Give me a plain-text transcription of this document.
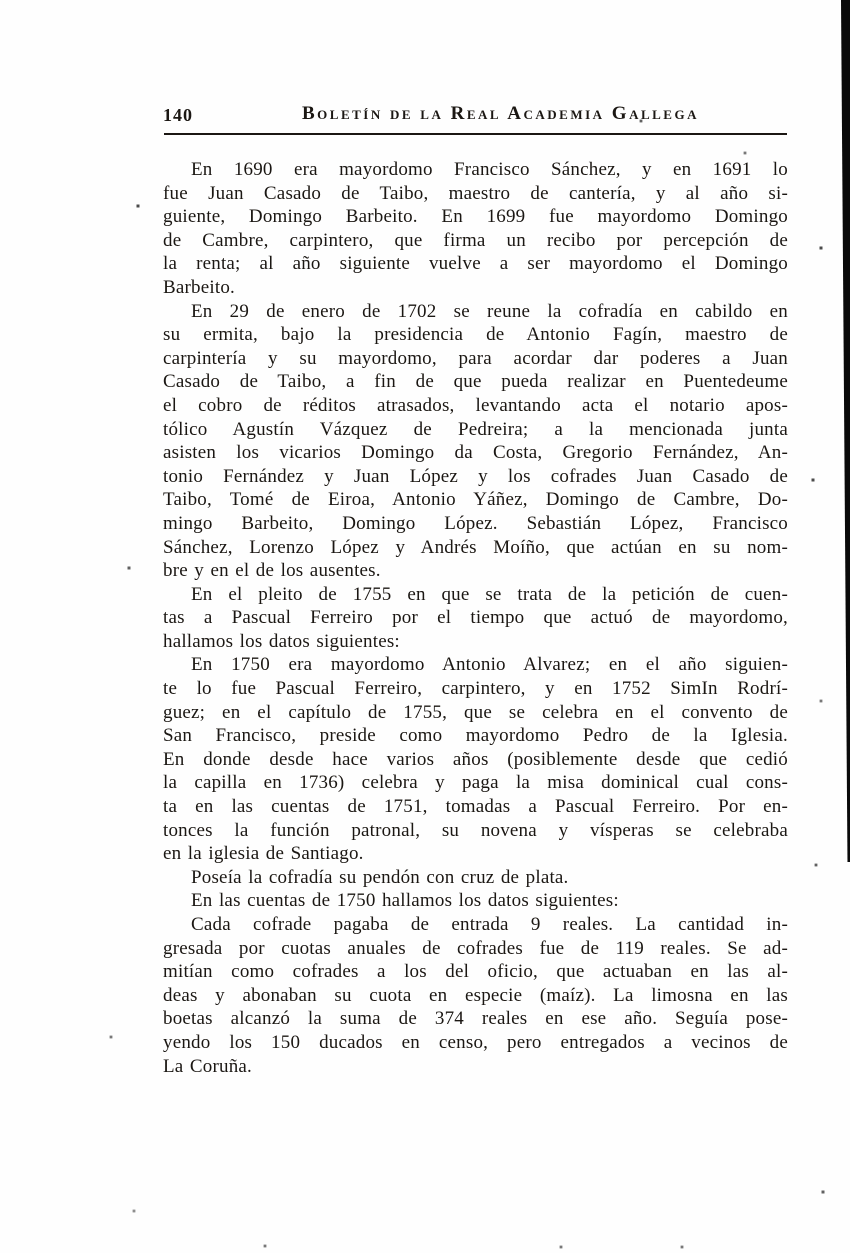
140	Boletín de la Real Academia Gallega
En 1690 era mayordomo Francisco Sánchez, y en 1691 lo
fue Juan Casado de Taibo, maestro de cantería, y al año si-
guiente, Domingo Barbeito. En 1699 fue mayordomo Domingo
de Cambre, carpintero, que firma un recibo por percepción de
la renta; al año siguiente vuelve a ser mayordomo el Domingo
Barbeito.
En 29 de enero de 1702 se reune la cofradía en cabildo en
su ermita, bajo la presidencia de Antonio Fagín, maestro de
carpintería y su mayordomo, para acordar dar poderes a Juan
Casado de Taibo, a fin de que pueda realizar en Puentedeume
el cobro de réditos atrasados, levantando acta el notario apos-
tólico Agustín Vázquez de Pedreira; a la mencionada junta
asisten los vicarios Domingo da Costa, Gregorio Fernández, An-
tonio Fernández y Juan López y los cofrades Juan Casado de
Taibo, Tomé de Eiroa, Antonio Yáñez, Domingo de Cambre, Do-
mingo Barbeito, Domingo López. Sebastián López, Francisco
Sánchez, Lorenzo López y Andrés Moíño, que actúan en su nom-
bre y en el de los ausentes.
En el pleito de 1755 en que se trata de la petición de cuen-
tas a Pascual Ferreiro por el tiempo que actuó de mayordomo,
hallamos los datos siguientes:
En 1750 era mayordomo Antonio Alvarez; en el año siguien-
te lo fue Pascual Ferreiro, carpintero, y en 1752 SimIn Rodrí-
guez; en el capítulo de 1755, que se celebra en el convento de
San Francisco, preside como mayordomo Pedro de la Iglesia.
En donde desde hace varios años (posiblemente desde que cedió
la capilla en 1736) celebra y paga la misa dominical cual cons-
ta en las cuentas de 1751, tomadas a Pascual Ferreiro. Por en-
tonces la función patronal, su novena y vísperas se celebraba
en la iglesia de Santiago.
Poseía la cofradía su pendón con cruz de plata.
En las cuentas de 1750 hallamos los datos siguientes:
Cada cofrade pagaba de entrada 9 reales. La cantidad in-
gresada por cuotas anuales de cofrades fue de 119 reales. Se ad-
mitían como cofrades a los del oficio, que actuaban en las al-
deas y abonaban su cuota en especie (maíz). La limosna en las
boetas alcanzó la suma de 374 reales en ese año. Seguía pose-
yendo los 150 ducados en censo, pero entregados a vecinos de
La Coruña.
